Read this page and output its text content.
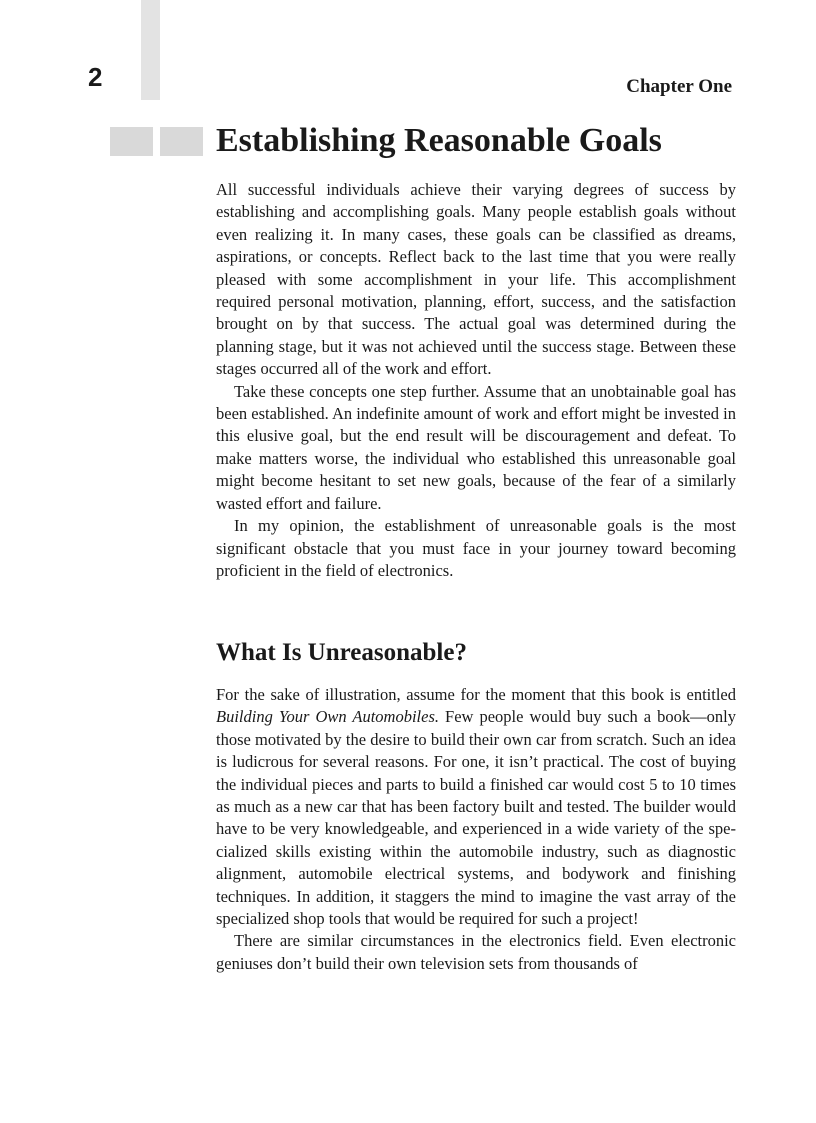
2	Chapter One
Establishing Reasonable Goals

All successful individuals achieve their varying degrees of success by establishing and accomplishing goals. Many people establish goals without even realizing it. In many cases, these goals can be classified as dreams, aspirations, or concepts. Reflect back to the last time that you were really pleased with some accomplishment in your life. This accomplishment required personal motivation, planning, effort, success, and the satisfaction brought on by that success. The actual goal was determined during the planning stage, but it was not achieved until the success stage. Between these stages occurred all of the work and effort.

Take these concepts one step further. Assume that an unobtainable goal has been established. An indefinite amount of work and effort might be invested in this elusive goal, but the end result will be discouragement and defeat. To make matters worse, the individual who established this unreasonable goal might become hesitant to set new goals, because of the fear of a similarly wasted effort and failure.

In my opinion, the establishment of unreasonable goals is the most significant obstacle that you must face in your journey toward becoming proficient in the field of electronics.

What Is Unreasonable?

For the sake of illustration, assume for the moment that this book is entitled Building Your Own Automobiles. Few people would buy such a book—only those motivated by the desire to build their own car from scratch. Such an idea is ludicrous for several reasons. For one, it isn’t practical. The cost of buying the individual pieces and parts to build a finished car would cost 5 to 10 times as much as a new car that has been factory built and tested. The builder would have to be very knowledgeable, and experienced in a wide variety of the specialized skills existing within the automobile industry, such as diagnostic alignment, automobile electrical systems, and bodywork and finishing techniques. In addition, it staggers the mind to imagine the vast array of the specialized shop tools that would be required for such a project!

There are similar circumstances in the electronics field. Even electronic geniuses don’t build their own television sets from thousands of
